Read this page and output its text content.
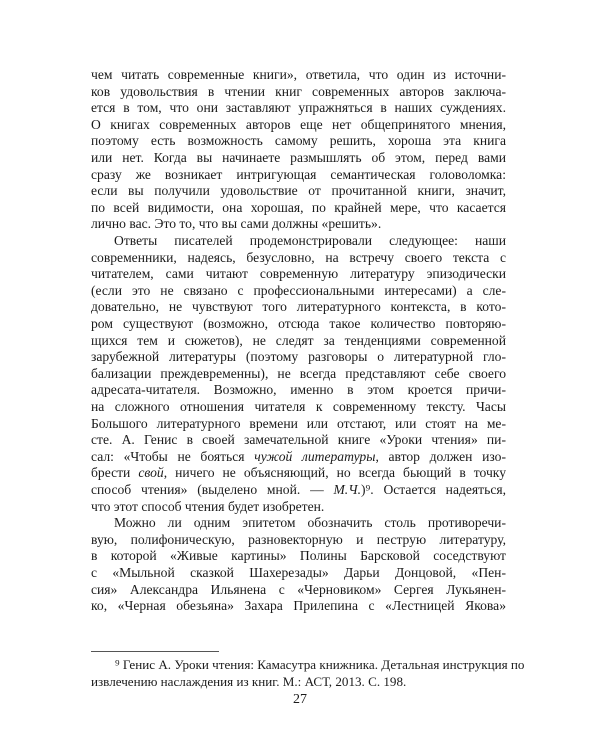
чем читать современные книги», ответила, что один из источни-
ков удовольствия в чтении книг современных авторов заключа-
ется в том, что они заставляют упражняться в наших суждениях.
О книгах современных авторов еще нет общепринятого мнения,
поэтому есть возможность самому решить, хороша эта книга
или нет. Когда вы начинаете размышлять об этом, перед вами
сразу же возникает интригующая семантическая головоломка:
если вы получили удовольствие от прочитанной книги, значит,
по всей видимости, она хорошая, по крайней мере, что касается
лично вас. Это то, что вы сами должны «решить».
Ответы писателей продемонстрировали следующее: наши
современники, надеясь, безусловно, на встречу своего текста с
читателем, сами читают современную литературу эпизодически
(если это не связано с профессиональными интересами) а сле-
довательно, не чувствуют того литературного контекста, в кото-
ром существуют (возможно, отсюда такое количество повторяю-
щихся тем и сюжетов), не следят за тенденциями современной
зарубежной литературы (поэтому разговоры о литературной гло-
бализации преждевременны), не всегда представляют себе своего
адресата-читателя. Возможно, именно в этом кроется причи-
на сложного отношения читателя к современному тексту. Часы
Большого литературного времени или отстают, или стоят на ме-
сте. А. Генис в своей замечательной книге «Уроки чтения» пи-
сал: «Чтобы не бояться чужой литературы, автор должен изо-
брести свой, ничего не объясняющий, но всегда бьющий в точку
способ чтения» (выделено мной. — М.Ч.)⁹. Остается надеяться,
что этот способ чтения будет изобретен.
Можно ли одним эпитетом обозначить столь противоречи-
вую, полифоническую, разновекторную и пеструю литературу,
⁹ Генис А. Уроки чтения: Камасутра книжника. Детальная инструкция по
извлечению наслаждения из книг. М.: АСТ, 2013. С. 198.
27
в которой «Живые картины» Полины Барсковой соседствуют
с «Мыльной сказкой Шахерезады» Дарьи Донцовой, «Пен-
сия» Александра Ильянена с «Черновиком» Сергея Лукьянен-
ко, «Черная обезьяна» Захара Прилепина с «Лестницей Якова»
